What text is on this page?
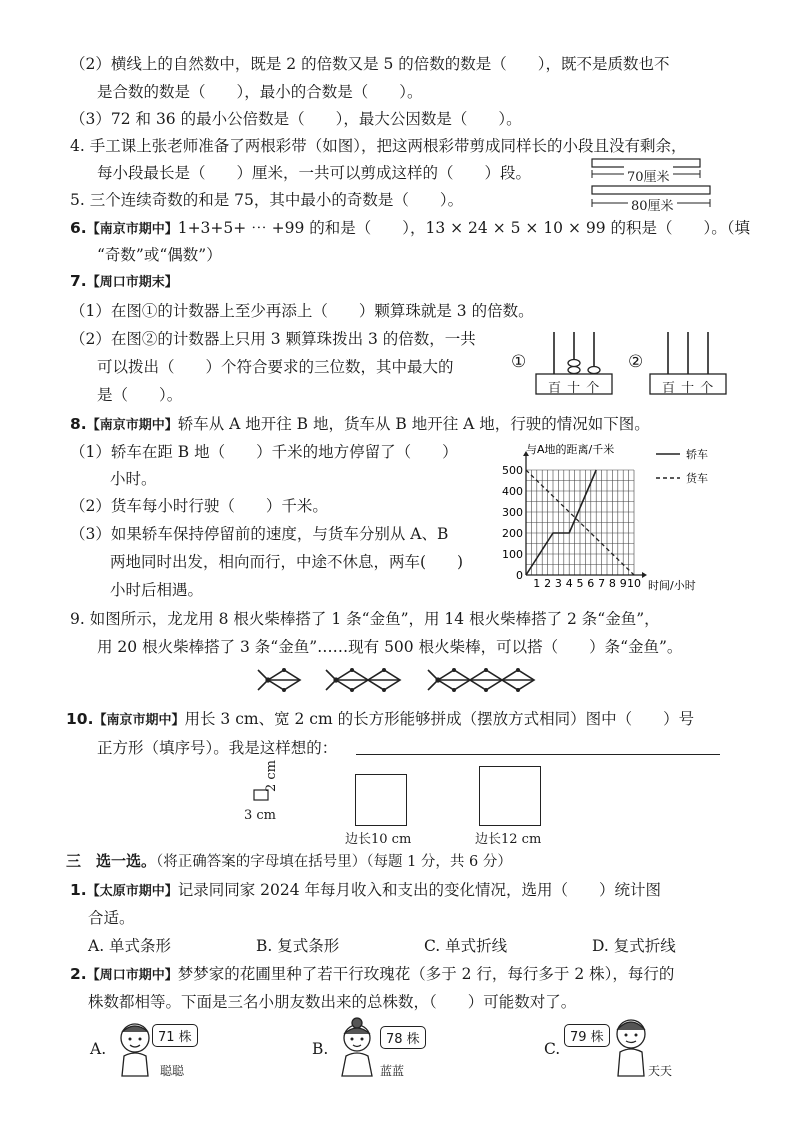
（2）横线上的自然数中，既是 2 的倍数又是 5 的倍数的数是（　　），既不是质数也不
是合数的数是（　　），最小的合数是（　　）。
（3）72 和 36 的最小公倍数是（　　），最大公因数是（　　）。
4. 手工课上张老师准备了两根彩带（如图），把这两根彩带剪成同样长的小段且没有剩余，
每小段最长是（　　）厘米，一共可以剪成这样的（　　）段。	70厘米
80厘米
5. 三个连续奇数的和是 75，其中最小的奇数是（　　）。
6.【南京市期中】1+3+5+ ⋯ +99 的和是（　　），13 × 24 × 5 × 10 × 99 的积是（　　）。（填
“奇数”或“偶数”）
7.【周口市期末】
（1）在图①的计数器上至少再添上（　　）颗算珠就是 3 的倍数。
（2）在图②的计数器上只用 3 颗算珠拨出 3 的倍数，一共
可以拨出（　　）个符合要求的三位数，其中最大的
是（　　）。
①
百 十 个
②
百 十 个
8.【南京市期中】轿车从 A 地开往 B 地，货车从 B 地开往 A 地，行驶的情况如下图。
（1）轿车在距 B 地（　　）千米的地方停留了（　　）
小时。
（2）货车每小时行驶（　　）千米。
（3）如果轿车保持停留前的速度，与货车分别从 A、B
两地同时出发，相向而行，中途不休息，两车(　　)
小时后相遇。
0
100
200
300
400
500
1 2 3 4 5 6 7 8 9 10
与A地的距离/千米
时间/小时
轿车
货车
9. 如图所示，龙龙用 8 根火柴棒搭了 1 条“金鱼”，用 14 根火柴棒搭了 2 条“金鱼”，
用 20 根火柴棒搭了 3 条“金鱼”……现有 500 根火柴棒，可以搭（　　）条“金鱼”。
10.【南京市期中】用长 3 cm、宽 2 cm 的长方形能够拼成（摆放方式相同）图中（　　）号
正方形（填序号）。我是这样想的：
3 cm
2 cm
边长10 cm	边长12 cm
三 选一选。（将正确答案的字母填在括号里）（每题 1 分，共 6 分）
1.【太原市期中】记录同同家 2024 年每月收入和支出的变化情况，选用（　　）统计图
合适。
A. 单式条形	B. 复式条形	C. 单式折线	D. 复式折线
2.【周口市期中】梦梦家的花圃里种了若干行玫瑰花（多于 2 行，每行多于 2 株），每行的
株数都相等。下面是三名小朋友数出来的总株数，（　　）可能数对了。
A.
71 株
聪聪
B.
78 株
蓝蓝
C.
79 株
天天
